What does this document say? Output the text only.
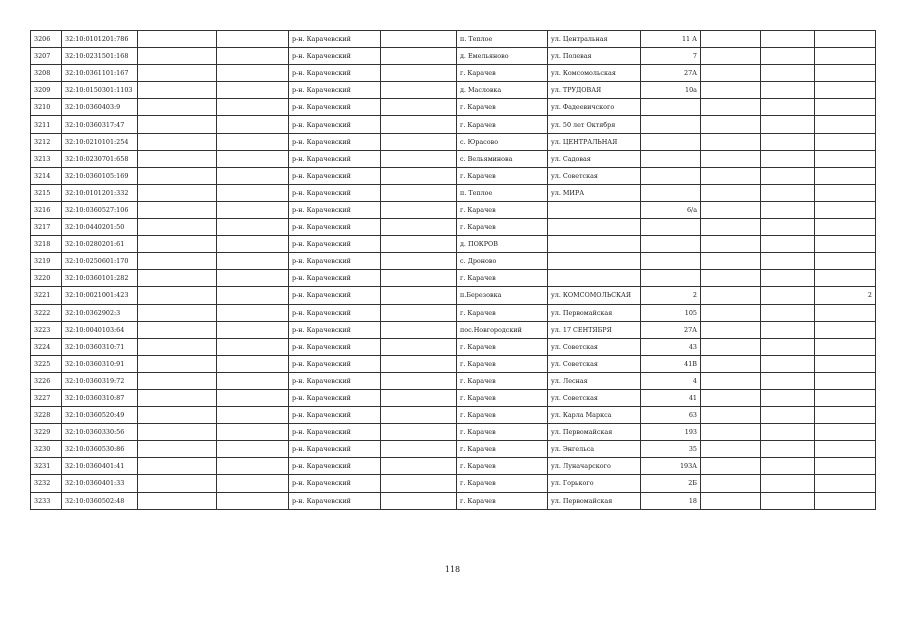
3206	32:10:0101201:786			р-н. Карачевский		п. Теплое	ул. Центральная	11 А			
3207	32:10:0231501:168			р-н. Карачевский		д. Емельяново	ул. Полевая	7			
3208	32:10:0361101:167			р-н. Карачевский		г. Карачев	ул. Комсомольская	27А			
3209	32:10:0150301:1103			р-н. Карачевский		д. Масловка	ул. ТРУДОВАЯ	10а			
3210	32:10:0360403:9			р-н. Карачевский		г. Карачев	ул. Фадеевичского				
3211	32:10:0360317:47			р-н. Карачевский		г. Карачев	ул. 50 лет Октября				
3212	32:10:0210101:254			р-н. Карачевский		с. Юрасово	ул. ЦЕНТРАЛЬНАЯ				
3213	32:10:0230701:658			р-н. Карачевский		с. Вельяминова	ул. Садовая				
3214	32:10:0360105:169			р-н. Карачевский		г. Карачев	ул. Советская				
3215	32:10:0101201:332			р-н. Карачевский		п. Теплое	ул. МИРА				
3216	32:10:0360527:106			р-н. Карачевский		г. Карачев		6/а			
3217	32:10:0440201:50			р-н. Карачевский		г. Карачев					
3218	32:10:0280201:61			р-н. Карачевский		д. ПОКРОВ					
3219	32:10:0250601:170			р-н. Карачевский		с. Дроново					
3220	32:10:0360101:282			р-н. Карачевский		г. Карачев					
3221	32:10:0021001:423			р-н. Карачевский		п.Березовка	ул. КОМСОМОЛЬСКАЯ	2			2
3222	32:10:0362902:3			р-н. Карачевский		г. Карачев	ул. Первомайская	105			
3223	32:10:0040103:64			р-н. Карачевский		пос.Новгородский	ул. 17 СЕНТЯБРЯ	27А			
3224	32:10:0360310:71			р-н. Карачевский		г. Карачев	ул. Советская	43			
3225	32:10:0360310:91			р-н. Карачевский		г. Карачев	ул. Советская	41В			
3226	32:10:0360319:72			р-н. Карачевский		г. Карачев	ул. Лесная	4			
3227	32:10:0360310:87			р-н. Карачевский		г. Карачев	ул. Советская	41			
3228	32:10:0360520:49			р-н. Карачевский		г. Карачев	ул. Карла Маркса	63			
3229	32:10:0360330:56			р-н. Карачевский		г. Карачев	ул. Первомайская	193			
3230	32:10:0360530:86			р-н. Карачевский		г. Карачев	ул. Энгельса	35			
3231	32:10:0360401:41			р-н. Карачевский		г. Карачев	ул. Луначарского	193А			
3232	32:10:0360401:33			р-н. Карачевский		г. Карачев	ул. Горького	2Б			
3233	32:10:0360502:48			р-н. Карачевский		г. Карачев	ул. Первомайская	18			
118
